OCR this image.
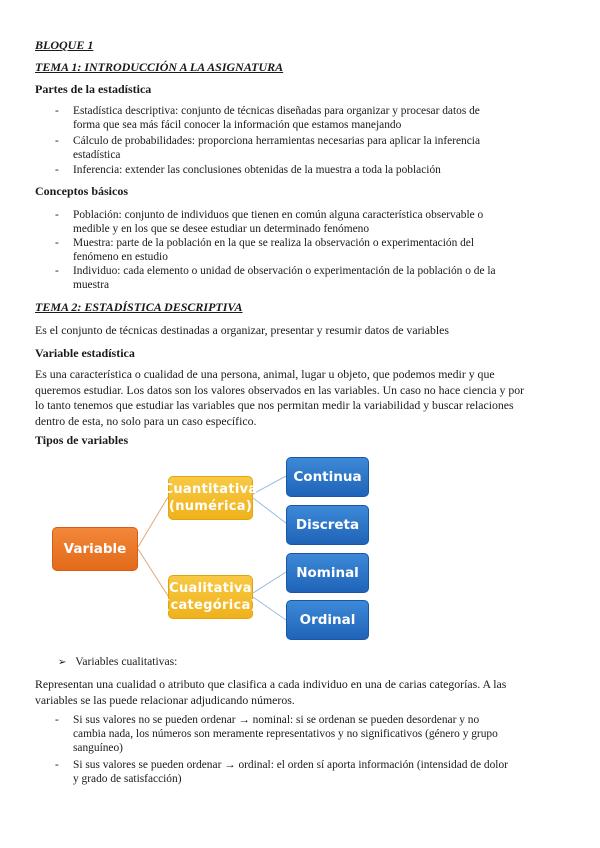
BLOQUE 1
TEMA 1: INTRODUCCIÓN A LA ASIGNATURA
Partes de la estadística
- Estadística descriptiva: conjunto de técnicas diseñadas para organizar y procesar datos de
forma que sea más fácil conocer la información que estamos manejando
- Cálculo de probabilidades: proporciona herramientas necesarias para aplicar la inferencia
estadística
- Inferencia: extender las conclusiones obtenidas de la muestra a toda la población
Conceptos básicos
- Población: conjunto de individuos que tienen en común alguna característica observable o
medible y en los que se desee estudiar un determinado fenómeno
- Muestra: parte de la población en la que se realiza la observación o experimentación del
fenómeno en estudio
- Individuo: cada elemento o unidad de observación o experimentación de la población o de la
muestra
TEMA 2: ESTADÍSTICA DESCRIPTIVA
Es el conjunto de técnicas destinadas a organizar, presentar y resumir datos de variables
Variable estadística
Es una característica o cualidad de una persona, animal, lugar u objeto, que podemos medir y que
queremos estudiar. Los datos son los valores observados en las variables. Un caso no hace ciencia y por
lo tanto tenemos que estudiar las variables que nos permitan medir la variabilidad y buscar relaciones
dentro de esta, no solo para un caso específico.
Tipos de variables
Variable
Cuantitativa
(numérica)
Cualitativa
(categórica)
Continua
Discreta
Nominal
Ordinal
➢ Variables cualitativas:
Representan una cualidad o atributo que clasifica a cada individuo en una de carias categorías. A las
variables se las puede relacionar adjudicando números.
- Si sus valores no se pueden ordenar → nominal: si se ordenan se pueden desordenar y no
cambia nada, los números son meramente representativos y no significativos (género y grupo
sanguíneo)
- Si sus valores se pueden ordenar → ordinal: el orden sí aporta información (intensidad de dolor
y grado de satisfacción)
